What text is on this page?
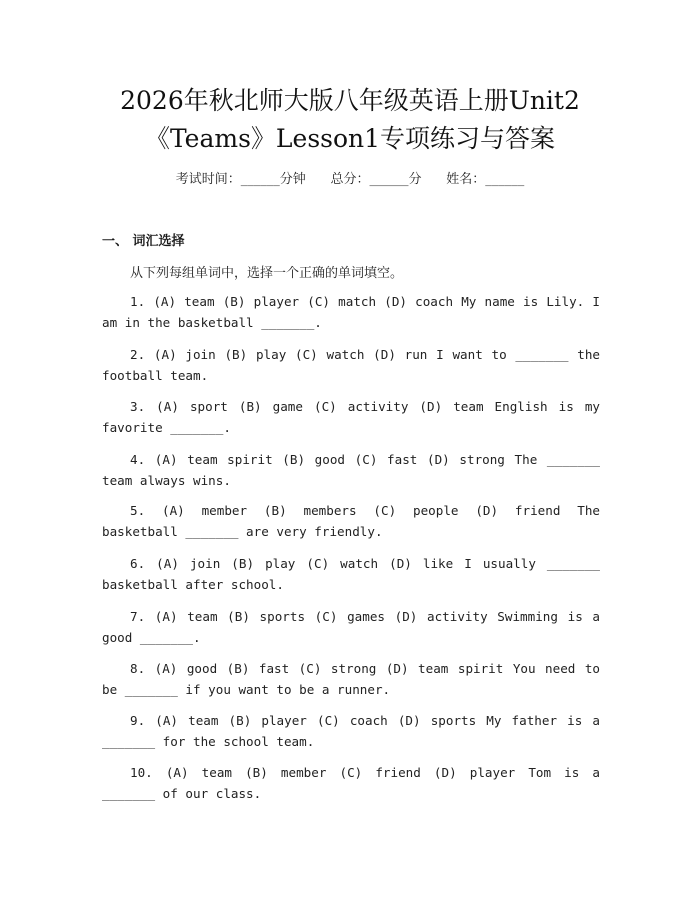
2026年秋北师大版八年级英语上册Unit2
《Teams》Lesson1专项练习与答案
考试时间：______分钟      总分：______分      姓名：______
一、 词汇选择
从下列每组单词中，选择一个正确的单词填空。
1. (A) team (B) player (C) match (D) coach My name is Lily. I am in the basketball _______.
2. (A) join (B) play (C) watch (D) run I want to _______ the football team.
3. (A) sport (B) game (C) activity (D) team English is my favorite _______.
4. (A) team spirit (B) good (C) fast (D) strong The _______ team always wins.
5. (A) member (B) members (C) people (D) friend The basketball _______ are very friendly.
6. (A) join (B) play (C) watch (D) like I usually _______ basketball after school.
7. (A) team (B) sports (C) games (D) activity Swimming is a good _______.
8. (A) good (B) fast (C) strong (D) team spirit You need to be _______ if you want to be a runner.
9. (A) team (B) player (C) coach (D) sports My father is a _______ for the school team.
10. (A) team (B) member (C) friend (D) player Tom is a _______ of our class.
